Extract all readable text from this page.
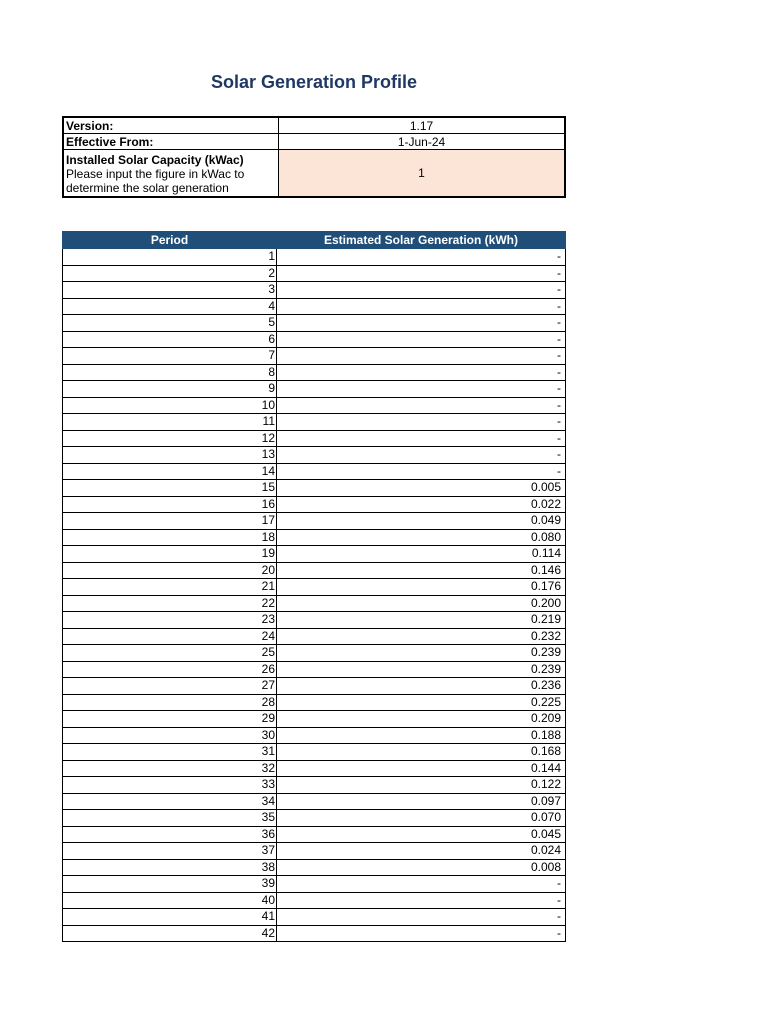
Solar Generation Profile
Version:	1.17
Effective From:	1-Jun-24

Installed Solar Capacity (kWac)
Please input the figure in kWac to determine the solar generation	1
Period	Estimated Solar Generation (kWh)
1	-
2	-
3	-
4	-
5	-
6	-
7	-
8	-
9	-
10	-
11	-
12	-
13	-
14	-
15	0.005
16	0.022
17	0.049
18	0.080
19	0.114
20	0.146
21	0.176
22	0.200
23	0.219
24	0.232
25	0.239
26	0.239
27	0.236
28	0.225
29	0.209
30	0.188
31	0.168
32	0.144
33	0.122
34	0.097
35	0.070
36	0.045
37	0.024
38	0.008
39	-
40	-
41	-
42	-
